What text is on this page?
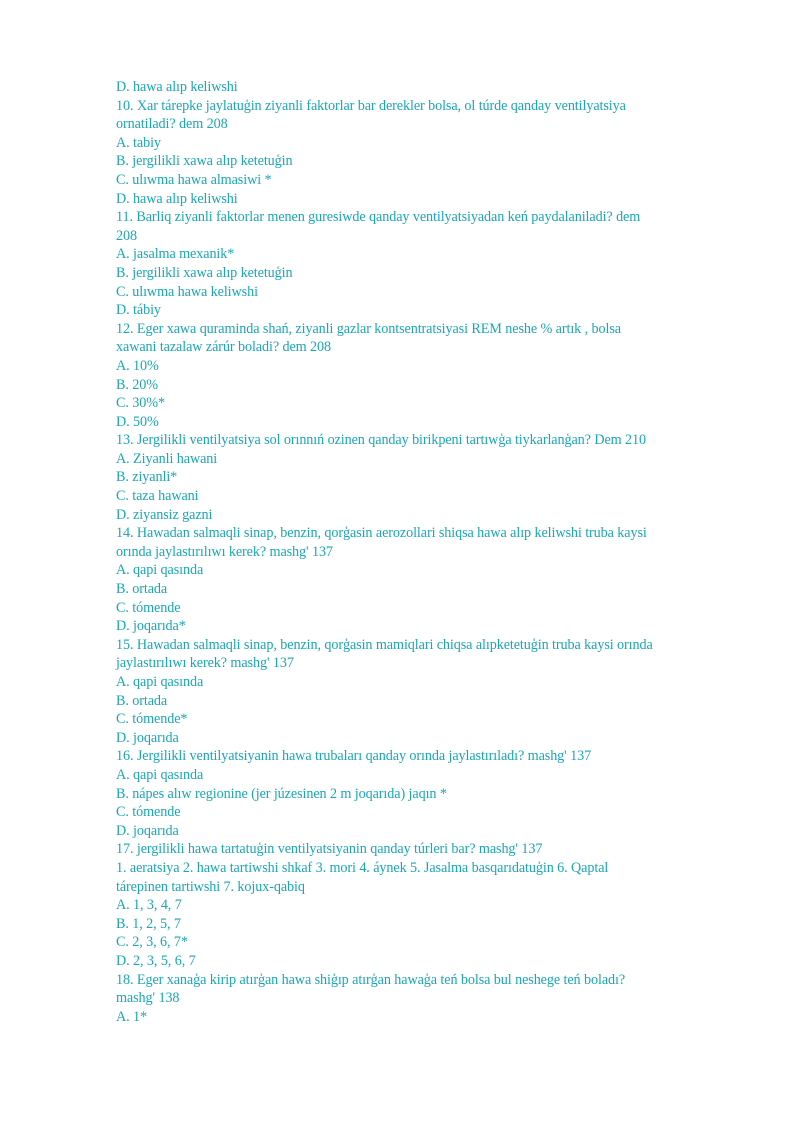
D. hawa alıp keliwshi
10. Xar tárepke jaylatuģin ziyanli faktorlar bar derekler bolsa, ol túrde qanday ventilyatsiya
ornatiladi? dem 208
A. tabiy
B. jergilikli xawa alıp ketetuģin
C. ulıwma hawa almasiwi *
D. hawa alıp keliwshi
11. Barliq ziyanli faktorlar menen guresiwde qanday ventilyatsiyadan keń paydalaniladi? dem
208
A. jasalma mexanik*
B. jergilikli xawa alıp ketetuģin
C. ulıwma hawa keliwshi
D. tábiy
12. Eger xawa quraminda shań, ziyanli gazlar kontsentratsiyasi REM neshe % artık , bolsa
xawani tazalaw zárúr boladi? dem 208
A. 10%
B. 20%
C. 30%*
D. 50%
13. Jergilikli ventilyatsiya sol orınnıń ozinen qanday birikpeni tartıwģa tiykarlanģan? Dem 210
A. Ziyanli hawani
B. ziyanli*
C. taza hawani
D. ziyansiz gazni
14. Hawadan salmaqli sinap, benzin, qorģasin aerozollari shiqsa hawa alıp keliwshi truba kaysi
orında jaylastırılıwı kerek? mashg' 137
A. qapi qasında
B. ortada
C. tómende
D. joqarıda*
15. Hawadan salmaqli sinap, benzin, qorģasin mamiqlari chiqsa alıpketetuģin truba kaysi orında
jaylastırılıwı kerek? mashg' 137
A. qapi qasında
B. ortada
C. tómende*
D. joqarıda
16. Jergilikli ventilyatsiyanin hawa trubaları qanday orında jaylastırıladı? mashg' 137
A. qapi qasında
B. nápes alıw regionine (jer júzesinen 2 m joqarıda) jaqın *
C. tómende
D. joqarıda
17. jergilikli hawa tartatuģin ventilyatsiyanin qanday túrleri bar? mashg' 137
1. aeratsiya 2. hawa tartiwshi shkaf 3. mori 4. áynek 5. Jasalma basqarıdatuģin 6. Qaptal
tárepinen tartiwshi 7. kojux-qabiq
A. 1, 3, 4, 7
B. 1, 2, 5, 7
C. 2, 3, 6, 7*
D. 2, 3, 5, 6, 7
18. Eger xanaģa kirip atırģan hawa shiģıp atırģan hawaģa teń bolsa bul neshege teń boladı?
mashg' 138
A. 1*
